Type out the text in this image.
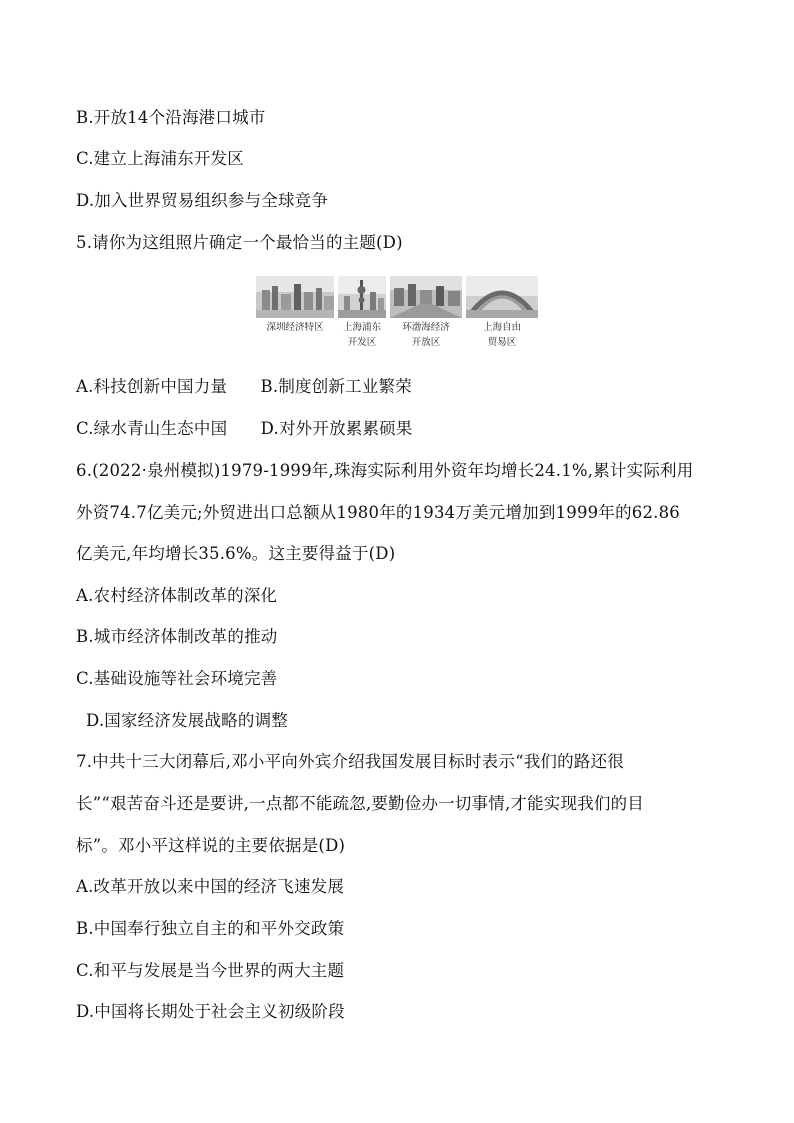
B.开放14个沿海港口城市
C.建立上海浦东开发区
D.加入世界贸易组织参与全球竞争
5.请你为这组照片确定一个最恰当的主题(D)
深圳经济特区	上海浦东
开发区
环渤海经济
开放区
上海自由
贸易区
A.科技创新中国力量　　B.制度创新工业繁荣
C.绿水青山生态中国　　D.对外开放累累硕果
6.(2022·泉州模拟)1979-1999年,珠海实际利用外资年均增长24.1%,累计实际利用
外资74.7亿美元;外贸进出口总额从1980年的1934万美元增加到1999年的62.86
亿美元,年均增长35.6%。这主要得益于(D)
A.农村经济体制改革的深化
B.城市经济体制改革的推动
C.基础设施等社会环境完善
D.国家经济发展战略的调整
7.中共十三大闭幕后,邓小平向外宾介绍我国发展目标时表示“我们的路还很
长”“艰苦奋斗还是要讲,一点都不能疏忽,要勤俭办一切事情,才能实现我们的目
标”。邓小平这样说的主要依据是(D)
A.改革开放以来中国的经济飞速发展
B.中国奉行独立自主的和平外交政策
C.和平与发展是当今世界的两大主题
D.中国将长期处于社会主义初级阶段
